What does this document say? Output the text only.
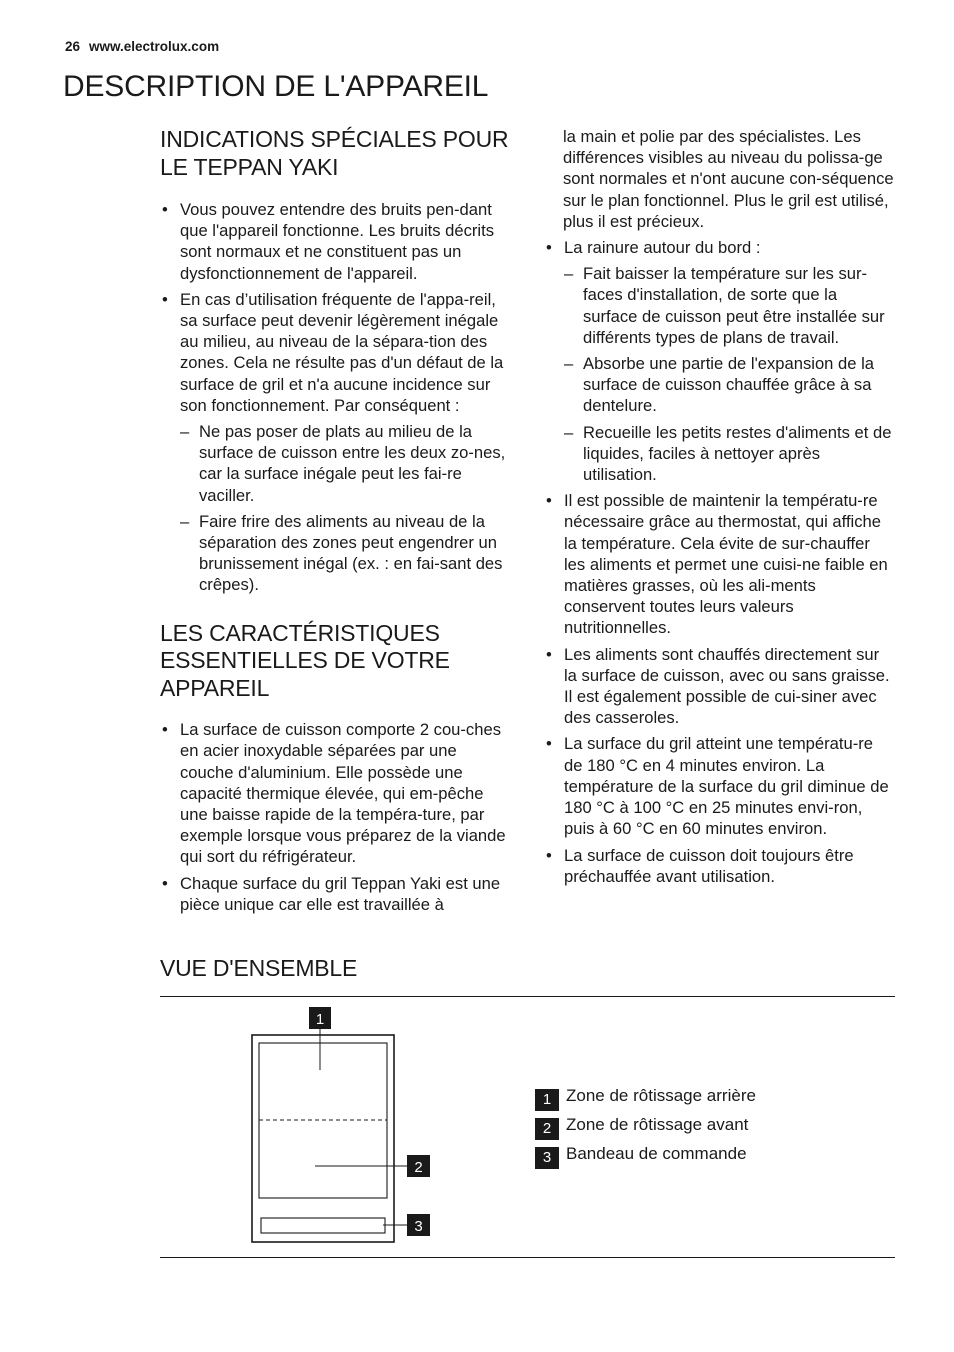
26 www.electrolux.com
DESCRIPTION DE L'APPAREIL
INDICATIONS SPÉCIALES POUR
LE TEPPAN YAKI
• Vous pouvez entendre des bruits pen-dant que l'appareil fonctionne. Les bruits décrits sont normaux et ne constituent pas un dysfonctionnement de l'appareil.
• En cas d’utilisation fréquente de l'appa-reil, sa surface peut devenir légèrement inégale au milieu, au niveau de la sépara-tion des zones. Cela ne résulte pas d'un défaut de la surface de gril et n'a aucune incidence sur son fonctionnement. Par conséquent :
– Ne pas poser de plats au milieu de la surface de cuisson entre les deux zo-nes, car la surface inégale peut les fai-re vaciller.
– Faire frire des aliments au niveau de la séparation des zones peut engendrer un brunissement inégal (ex. : en fai-sant des crêpes).
LES CARACTÉRISTIQUES
ESSENTIELLES DE VOTRE
APPAREIL
• La surface de cuisson comporte 2 cou-ches en acier inoxydable séparées par une couche d'aluminium. Elle possède une capacité thermique élevée, qui em-pêche une baisse rapide de la tempéra-ture, par exemple lorsque vous préparez de la viande qui sort du réfrigérateur.
• Chaque surface du gril Teppan Yaki est une pièce unique car elle est travaillée à

la main et polie par des spécialistes. Les différences visibles au niveau du polissa-ge sont normales et n'ont aucune con-séquence sur le plan fonctionnel. Plus le gril est utilisé, plus il est précieux.

• La rainure autour du bord :
– Fait baisser la température sur les sur-faces d'installation, de sorte que la surface de cuisson peut être installée sur différents types de plans de travail.
– Absorbe une partie de l'expansion de la surface de cuisson chauffée grâce à sa dentelure.
– Recueille les petits restes d'aliments et de liquides, faciles à nettoyer après utilisation.
• Il est possible de maintenir la températu-re nécessaire grâce au thermostat, qui affiche la température. Cela évite de sur-chauffer les aliments et permet une cuisi-ne faible en matières grasses, où les ali-ments conservent toutes leurs valeurs nutritionnelles.
• Les aliments sont chauffés directement sur la surface de cuisson, avec ou sans graisse. Il est également possible de cui-siner avec des casseroles.
• La surface du gril atteint une températu-re de 180 °C en 4 minutes environ. La température de la surface du gril diminue de 180 °C à 100 °C en 25 minutes envi-ron, puis à 60 °C en 60 minutes environ.
• La surface de cuisson doit toujours être préchauffée avant utilisation.
VUE D'ENSEMBLE
1
2
3
1 Zone de rôtissage arrière
2 Zone de rôtissage avant
3 Bandeau de commande
